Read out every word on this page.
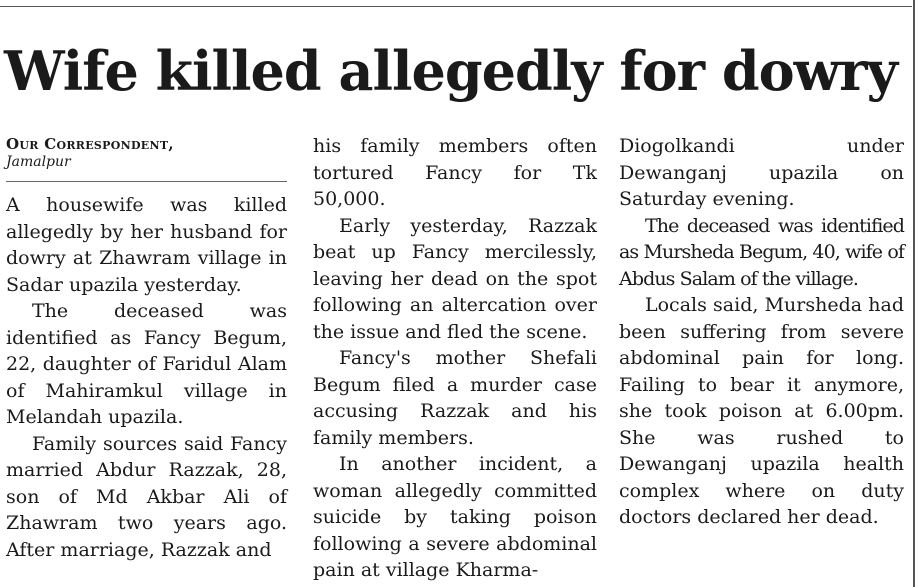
Wife killed allegedly for dowry
Our Correspondent,
Jamalpur

A housewife was killed allegedly by her husband for dowry at Zhawram village in Sadar upazila yesterday.

The deceased was identified as Fancy Begum, 22, daughter of Faridul Alam of Mahiramkul village in Melandah upazila.

Family sources said Fancy married Abdur Razzak, 28, son of Md Akbar Ali of Zhawram two years ago. After marriage, Razzak and

his family members often tortured Fancy for Tk 50,000.

Early yesterday, Razzak beat up Fancy mercilessly, leaving her dead on the spot following an altercation over the issue and fled the scene.

Fancy's mother Shefali Begum filed a murder case accusing Razzak and his family members.

In another incident, a woman allegedly committed suicide by taking poison following a severe abdominal pain at village Kharma-

Diogolkandi under Dewanganj upazila on Saturday evening.

The deceased was identified as Mursheda Begum, 40, wife of Abdus Salam of the village.

Locals said, Mursheda had been suffering from severe abdominal pain for long. Failing to bear it anymore, she took poison at 6.00pm. She was rushed to Dewanganj upazila health complex where on duty doctors declared her dead.
